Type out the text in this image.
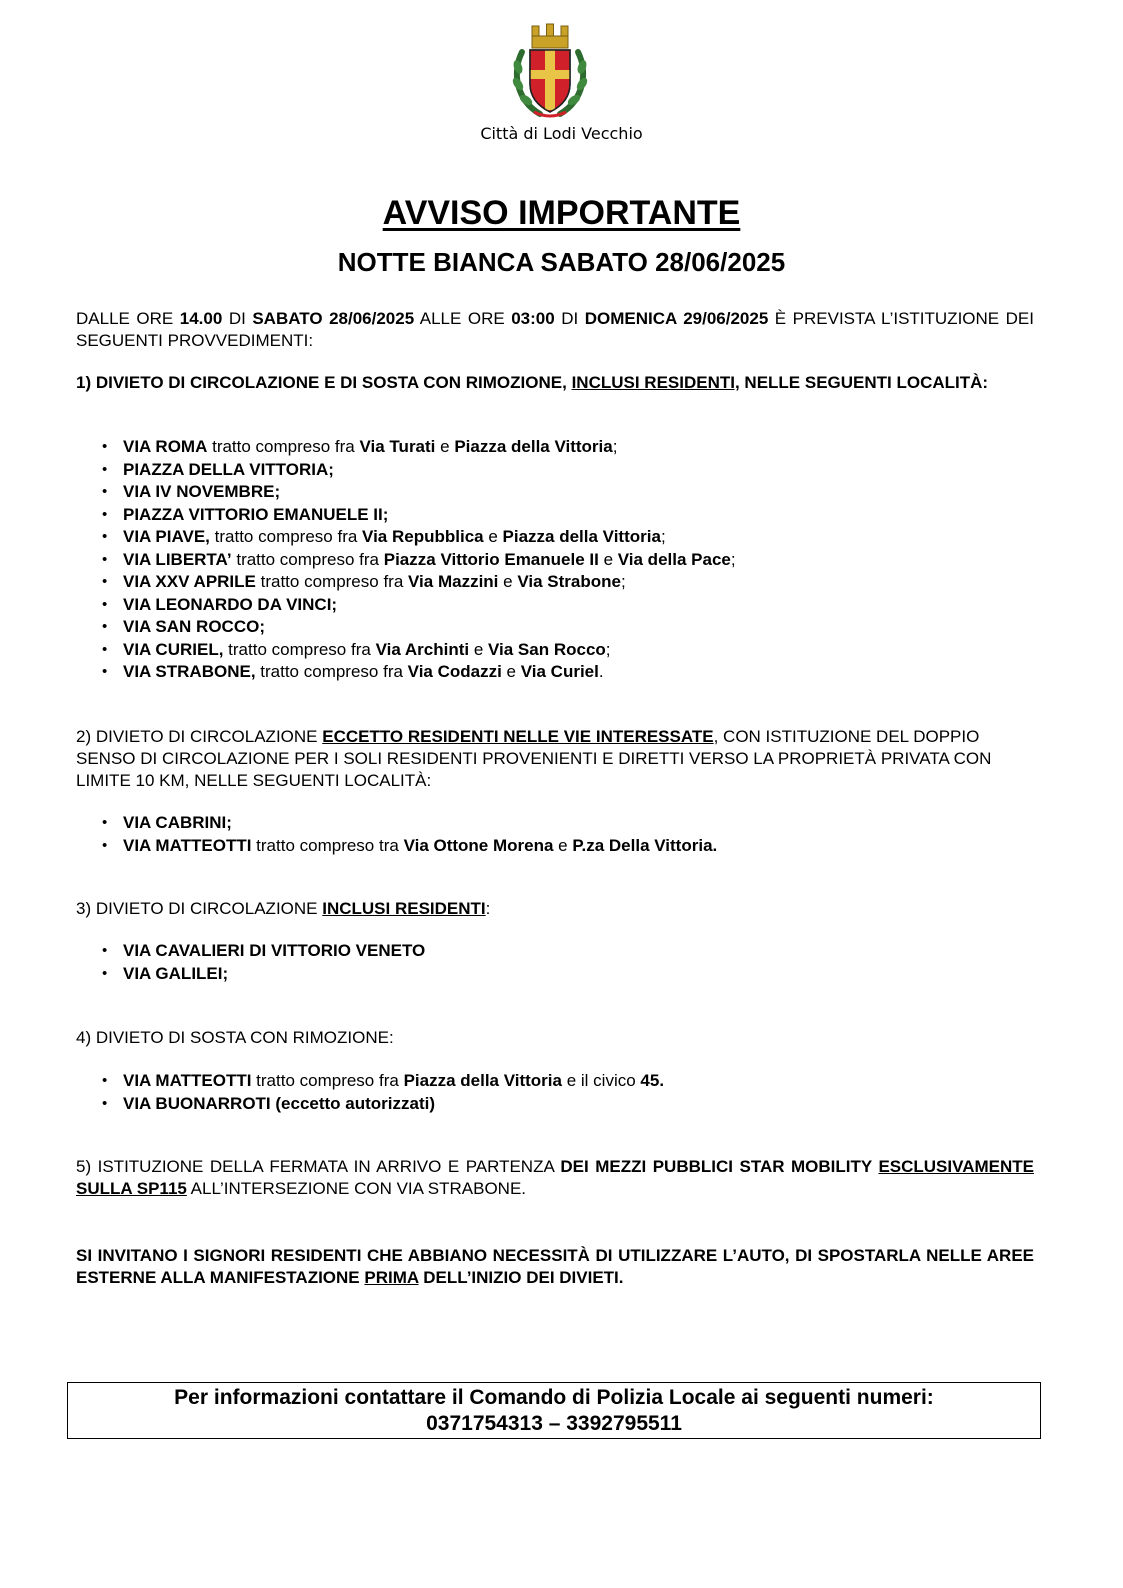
Città di Lodi Vecchio
AVVISO IMPORTANTE
NOTTE BIANCA SABATO 28/06/2025
DALLE ORE 14.00 DI SABATO 28/06/2025 ALLE ORE 03:00 DI DOMENICA 29/06/2025 È PREVISTA L’ISTITUZIONE DEI SEGUENTI PROVVEDIMENTI:
1) DIVIETO DI CIRCOLAZIONE E DI SOSTA CON RIMOZIONE, INCLUSI RESIDENTI, NELLE SEGUENTI LOCALITÀ:
• VIA ROMA tratto compreso fra Via Turati e Piazza della Vittoria;
• PIAZZA DELLA VITTORIA;
• VIA IV NOVEMBRE;
• PIAZZA VITTORIO EMANUELE II;
• VIA PIAVE, tratto compreso fra Via Repubblica e Piazza della Vittoria;
• VIA LIBERTA’ tratto compreso fra Piazza Vittorio Emanuele II e Via della Pace;
• VIA XXV APRILE tratto compreso fra Via Mazzini e Via Strabone;
• VIA LEONARDO DA VINCI;
• VIA SAN ROCCO;
• VIA CURIEL, tratto compreso fra Via Archinti e Via San Rocco;
• VIA STRABONE, tratto compreso fra Via Codazzi e Via Curiel.
2) DIVIETO DI CIRCOLAZIONE ECCETTO RESIDENTI NELLE VIE INTERESSATE, CON ISTITUZIONE DEL DOPPIO SENSO DI CIRCOLAZIONE PER I SOLI RESIDENTI PROVENIENTI E DIRETTI VERSO LA PROPRIETÀ PRIVATA CON LIMITE 10 KM, NELLE SEGUENTI LOCALITÀ:
• VIA CABRINI;
• VIA MATTEOTTI tratto compreso tra Via Ottone Morena e P.za Della Vittoria.
3) DIVIETO DI CIRCOLAZIONE INCLUSI RESIDENTI:
• VIA CAVALIERI DI VITTORIO VENETO
• VIA GALILEI;
4) DIVIETO DI SOSTA CON RIMOZIONE:
• VIA MATTEOTTI tratto compreso fra Piazza della Vittoria e il civico 45.
• VIA BUONARROTI (eccetto autorizzati)
5) ISTITUZIONE DELLA FERMATA IN ARRIVO E PARTENZA DEI MEZZI PUBBLICI STAR MOBILITY ESCLUSIVAMENTE SULLA SP115 ALL’INTERSEZIONE CON VIA STRABONE.
SI INVITANO I SIGNORI RESIDENTI CHE ABBIANO NECESSITÀ DI UTILIZZARE L’AUTO, DI SPOSTARLA NELLE AREE ESTERNE ALLA MANIFESTAZIONE PRIMA DELL’INIZIO DEI DIVIETI.
Per informazioni contattare il Comando di Polizia Locale ai seguenti numeri:
0371754313 – 3392795511
